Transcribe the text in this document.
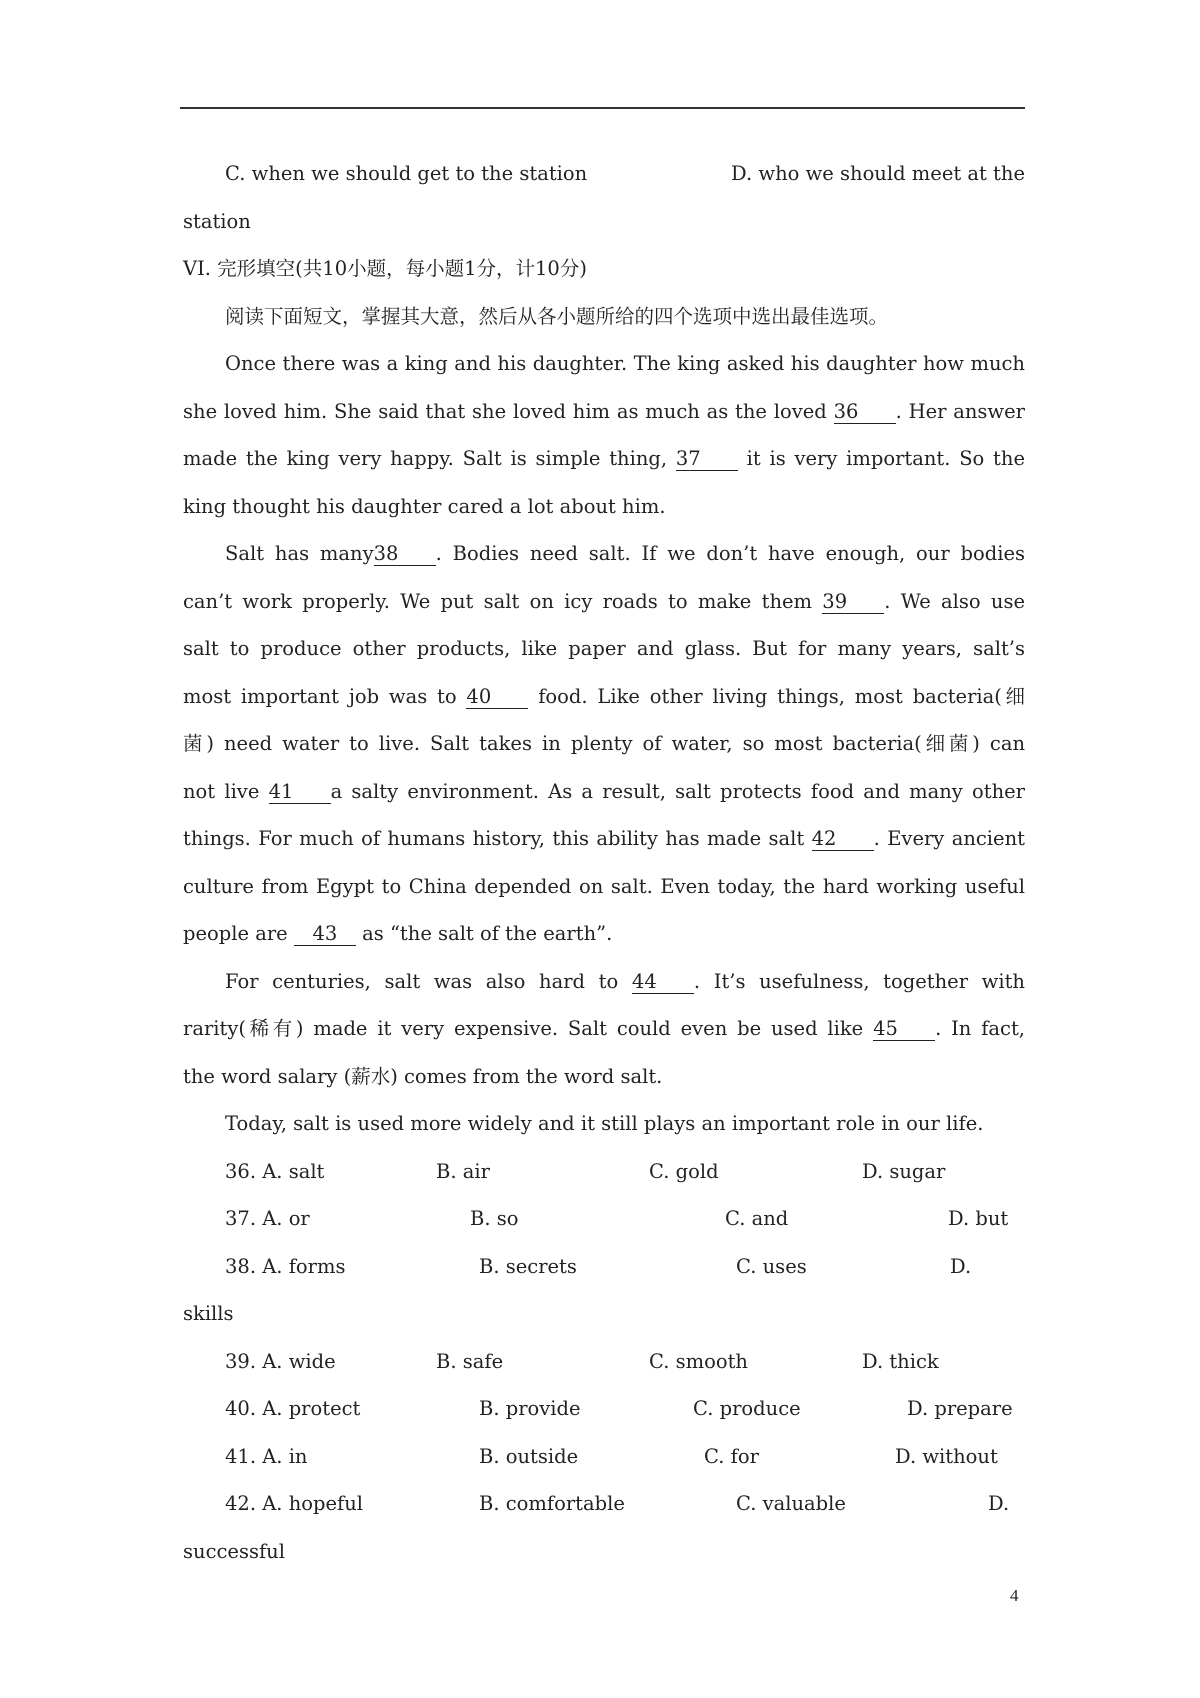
C. when we should get to the station	D. who we should meet at the
station
VI. 完形填空(共10小题，每小题1分，计10分)
阅读下面短文，掌握其大意，然后从各小题所给的四个选项中选出最佳选项。
Once there was a king and his daughter. The king asked his daughter how much
she loved him. She said that she loved him as much as the loved 36 . Her answer
made the king very happy. Salt is simple thing, 37 it is very important. So the
king thought his daughter cared a lot about him.
Salt has many38 . Bodies need salt. If we don’t have enough, our bodies
can’t work properly. We put salt on icy roads to make them 39 . We also use
salt to produce other products, like paper and glass. But for many years, salt’s
most important job was to 40 food. Like other living things, most bacteria(细
菌) need water to live. Salt takes in plenty of water, so most bacteria(细菌) can
not live 41 a salty environment. As a result, salt protects food and many other
things. For much of humans history, this ability has made salt 42 . Every ancient
culture from Egypt to China depended on salt. Even today, the hard working useful
people are 43 as “the salt of the earth”.
For centuries, salt was also hard to 44 . It’s usefulness, together with
rarity(稀有) made it very expensive. Salt could even be used like 45 . In fact,
the word salary (薪水) comes from the word salt.
Today, salt is used more widely and it still plays an important role in our life.
36. A. salt	B. air	C. gold	D. sugar
37. A. or	B. so	C. and	D. but
38. A. forms	B. secrets	C. uses	D.
skills
39. A. wide	B. safe	C. smooth	D. thick
40. A. protect	B. provide	C. produce	D. prepare
41. A. in	B. outside	C. for	D. without
42. A. hopeful	B. comfortable	C. valuable	D.
successful
4
